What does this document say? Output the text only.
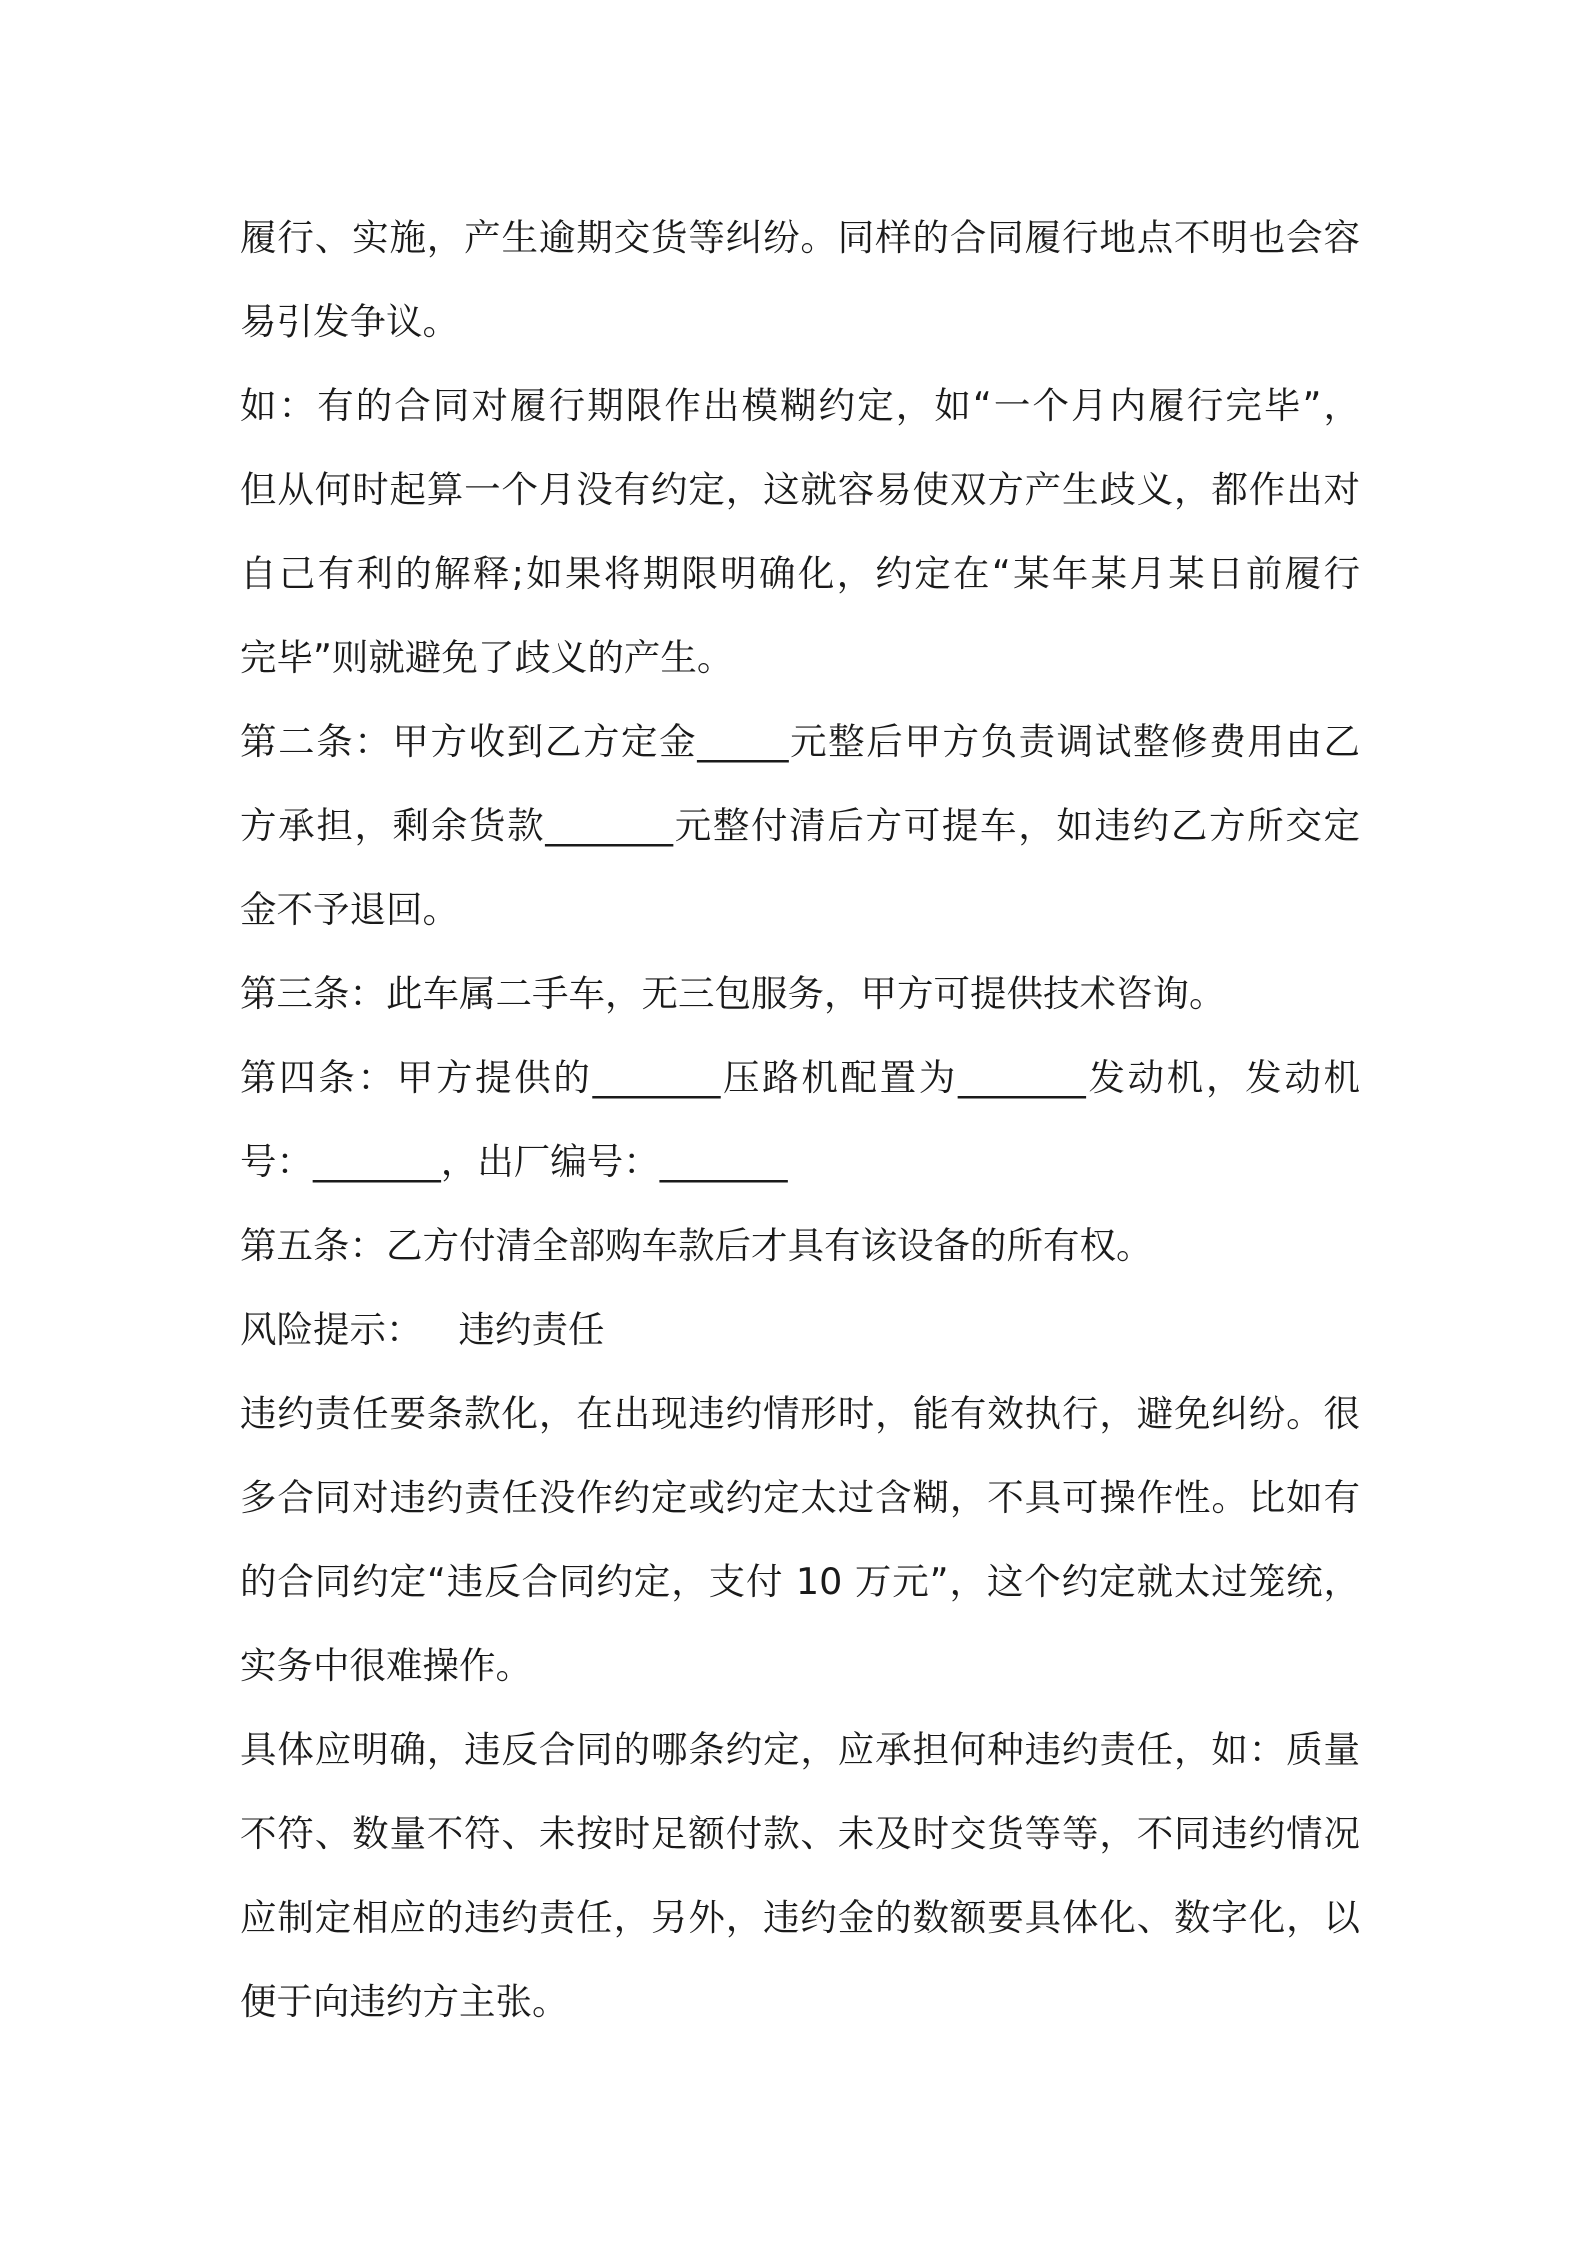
履行、实施，产生逾期交货等纠纷。同样的合同履行地点不明也会容
易引发争议。
如：有的合同对履行期限作出模糊约定，如“一个月内履行完毕”，
但从何时起算一个月没有约定，这就容易使双方产生歧义，都作出对
自己有利的解释;如果将期限明确化，约定在“某年某月某日前履行
完毕”则就避免了歧义的产生。
第二条：甲方收到乙方定金_____元整后甲方负责调试整修费用由乙
方承担，剩余货款_______元整付清后方可提车，如违约乙方所交定
金不予退回。
第三条：此车属二手车，无三包服务，甲方可提供技术咨询。
第四条：甲方提供的_______压路机配置为_______发动机，发动机
号：_______，出厂编号：_______
第五条：乙方付清全部购车款后才具有该设备的所有权。
风险提示： 违约责任
违约责任要条款化，在出现违约情形时，能有效执行，避免纠纷。很
多合同对违约责任没作约定或约定太过含糊，不具可操作性。比如有
的合同约定“违反合同约定，支付 10 万元”，这个约定就太过笼统，
实务中很难操作。
具体应明确，违反合同的哪条约定，应承担何种违约责任，如：质量
不符、数量不符、未按时足额付款、未及时交货等等，不同违约情况
应制定相应的违约责任，另外，违约金的数额要具体化、数字化，以
便于向违约方主张。
